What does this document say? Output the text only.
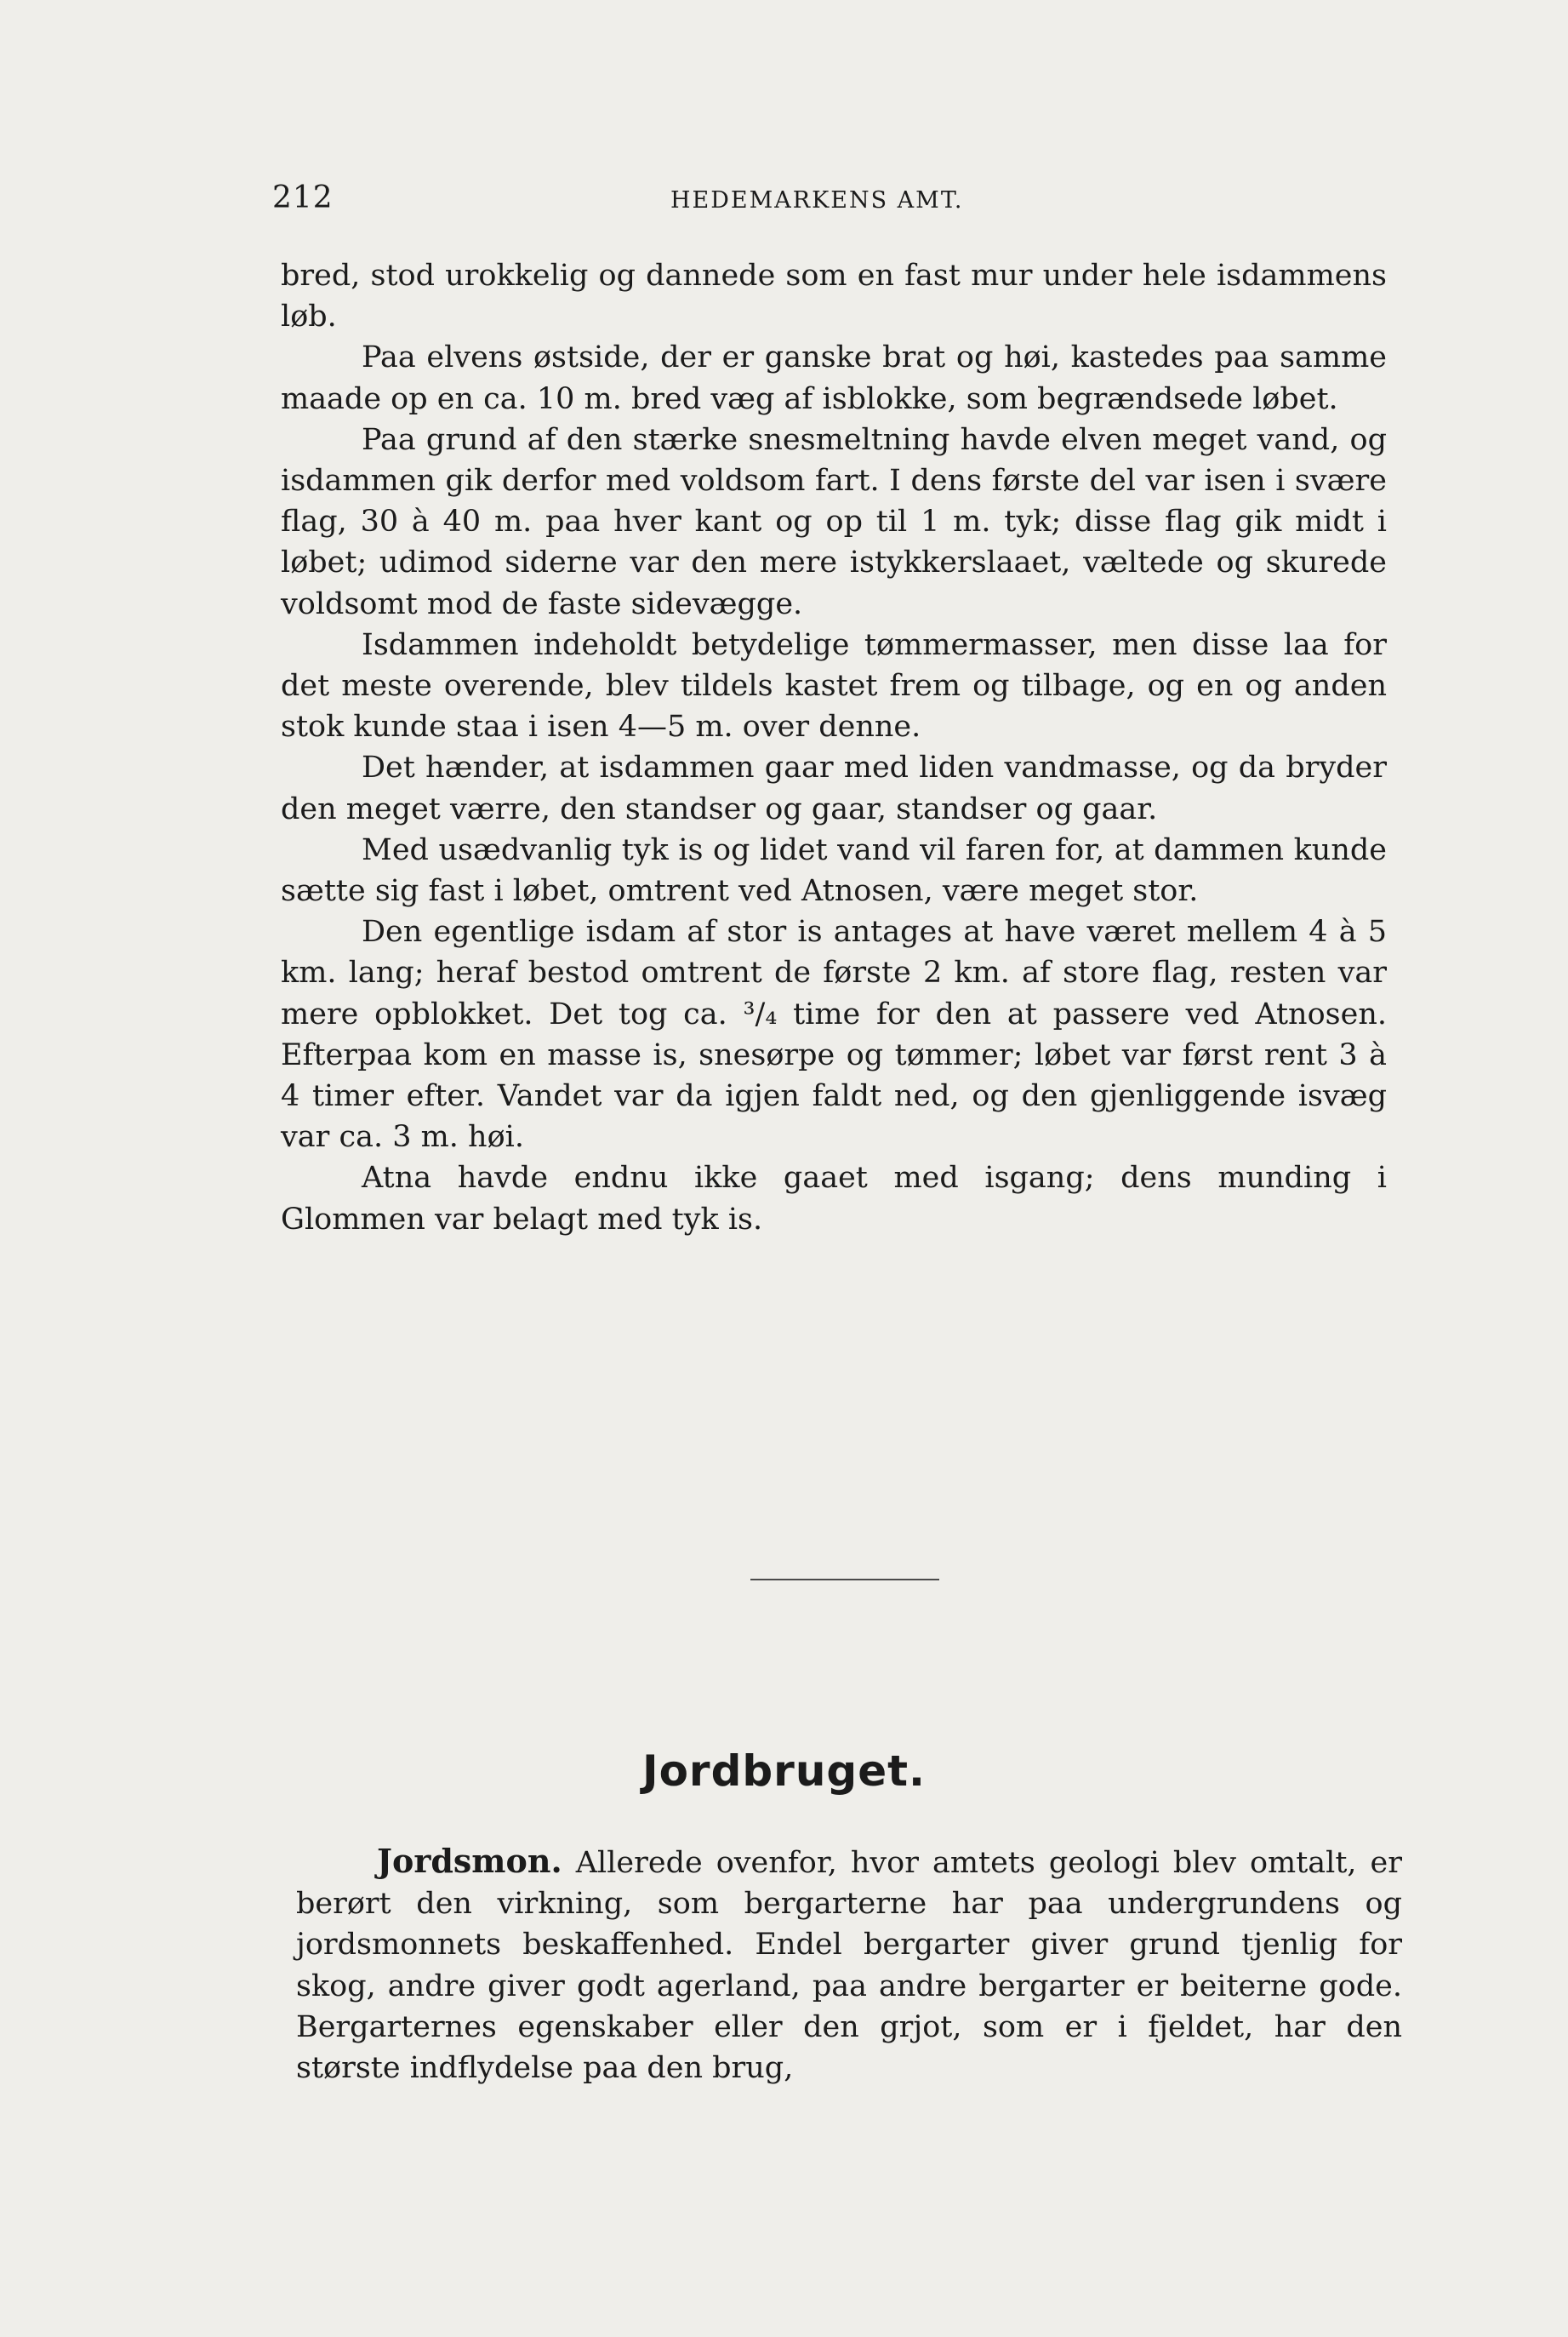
212	HEDEMARKENS AMT.

bred, stod urokkelig og dannede som en fast mur under hele isdammens løb.

Paa elvens østside, der er ganske brat og høi, kastedes paa samme maade op en ca. 10 m. bred væg af isblokke, som begrændsede løbet.

Paa grund af den stærke snesmeltning havde elven meget vand, og isdammen gik derfor med voldsom fart. I dens første del var isen i svære flag, 30 à 40 m. paa hver kant og op til 1 m. tyk; disse flag gik midt i løbet; udimod siderne var den mere istykkerslaaet, væltede og skurede voldsomt mod de faste sidevægge.

Isdammen indeholdt betydelige tømmermasser, men disse laa for det meste overende, blev tildels kastet frem og tilbage, og en og anden stok kunde staa i isen 4—5 m. over denne.

Det hænder, at isdammen gaar med liden vandmasse, og da bryder den meget værre, den standser og gaar, standser og gaar.

Med usædvanlig tyk is og lidet vand vil faren for, at dammen kunde sætte sig fast i løbet, omtrent ved Atnosen, være meget stor.

Den egentlige isdam af stor is antages at have været mellem 4 à 5 km. lang; heraf bestod omtrent de første 2 km. af store flag, resten var mere opblokket. Det tog ca. ³/₄ time for den at passere ved Atnosen. Efterpaa kom en masse is, snesørpe og tømmer; løbet var først rent 3 à 4 timer efter. Vandet var da igjen faldt ned, og den gjenliggende isvæg var ca. 3 m. høi.

Atna havde endnu ikke gaaet med isgang; dens munding i Glommen var belagt med tyk is.

Jordbruget.

Jordsmon. Allerede ovenfor, hvor amtets geologi blev omtalt, er berørt den virkning, som bergarterne har paa undergrundens og jordsmonnets beskaffenhed. Endel bergarter giver grund tjenlig for skog, andre giver godt agerland, paa andre bergarter er beiterne gode. Bergarternes egenskaber eller den grjot, som er i fjeldet, har den største indflydelse paa den brug,
